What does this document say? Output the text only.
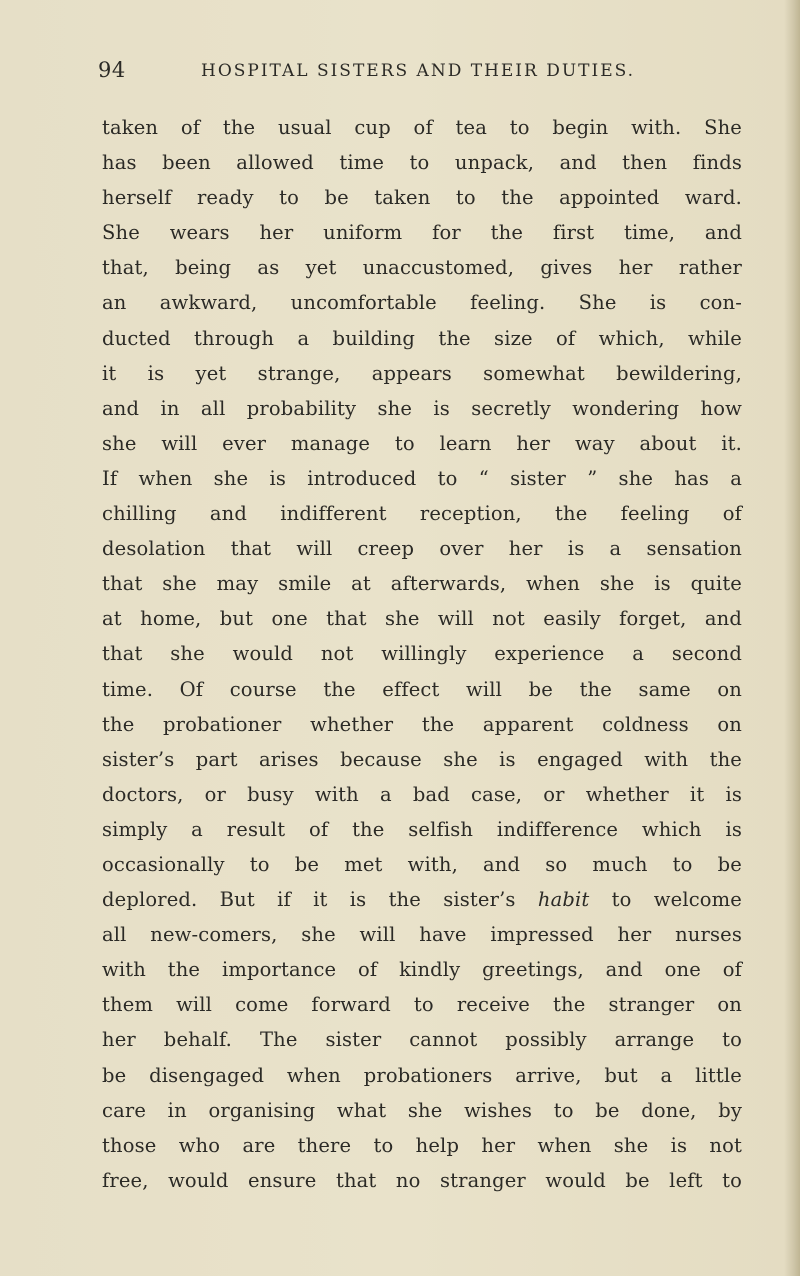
94	HOSPITAL SISTERS AND THEIR DUTIES.
taken of the usual cup of tea to begin with. She
has been allowed time to unpack, and then finds
herself ready to be taken to the appointed ward.
She wears her uniform for the first time, and
that, being as yet unaccustomed, gives her rather
an awkward, uncomfortable feeling. She is con-
ducted through a building the size of which, while
it is yet strange, appears somewhat bewildering,
and in all probability she is secretly wondering how
she will ever manage to learn her way about it.
If when she is introduced to “ sister ” she has a
chilling and indifferent reception, the feeling of
desolation that will creep over her is a sensation
that she may smile at afterwards, when she is quite
at home, but one that she will not easily forget, and
that she would not willingly experience a second
time. Of course the effect will be the same on
the probationer whether the apparent coldness on
sister’s part arises because she is engaged with the
doctors, or busy with a bad case, or whether it is
simply a result of the selfish indifference which is
occasionally to be met with, and so much to be
deplored. But if it is the sister’s habit to welcome
all new-comers, she will have impressed her nurses
with the importance of kindly greetings, and one of
them will come forward to receive the stranger on
her behalf. The sister cannot possibly arrange to
be disengaged when probationers arrive, but a little
care in organising what she wishes to be done, by
those who are there to help her when she is not
free, would ensure that no stranger would be left to
